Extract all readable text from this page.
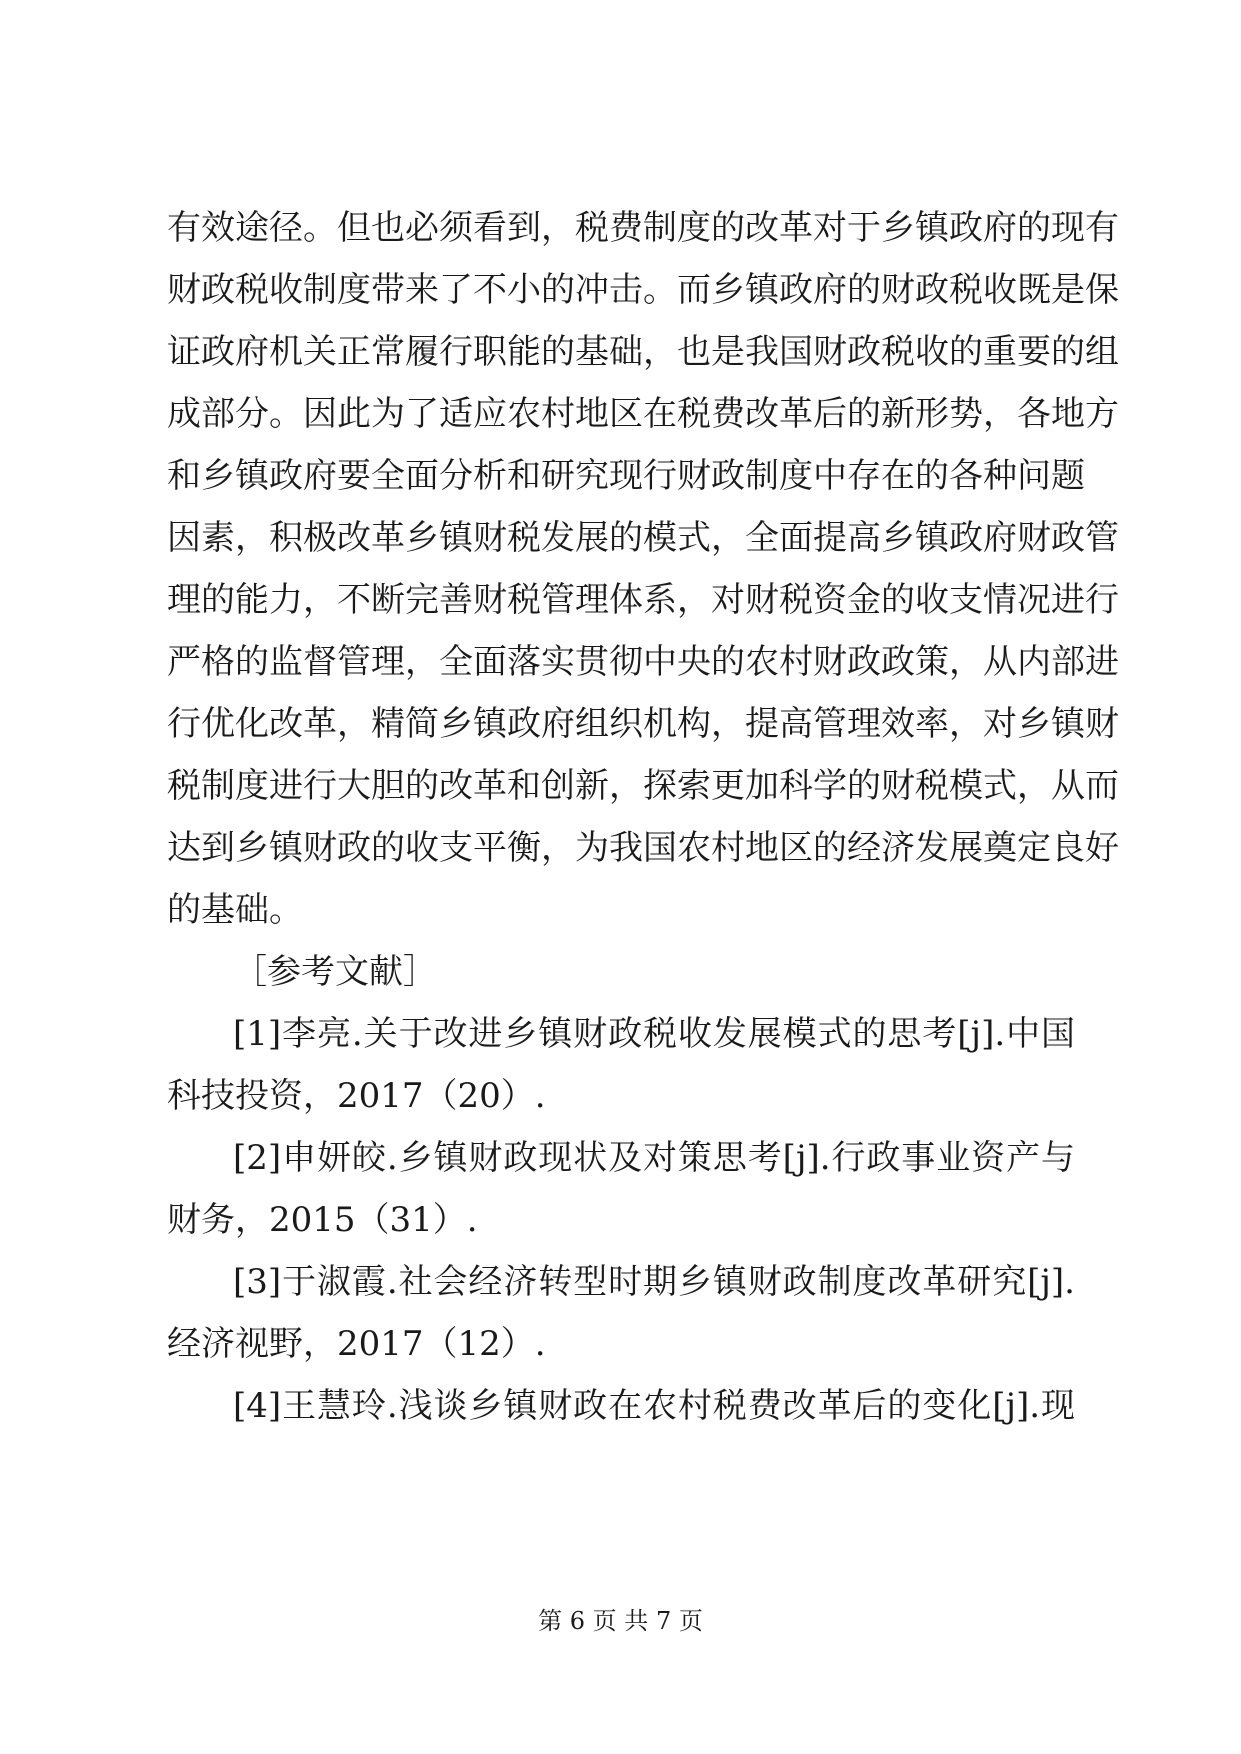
有效途径。但也必须看到，税费制度的改革对于乡镇政府的现有
财政税收制度带来了不小的冲击。而乡镇政府的财政税收既是保
证政府机关正常履行职能的基础，也是我国财政税收的重要的组
成部分。因此为了适应农村地区在税费改革后的新形势，各地方
和乡镇政府要全面分析和研究现行财政制度中存在的各种问题
因素，积极改革乡镇财税发展的模式，全面提高乡镇政府财政管
理的能力，不断完善财税管理体系，对财税资金的收支情况进行
严格的监督管理，全面落实贯彻中央的农村财政政策，从内部进
行优化改革，精简乡镇政府组织机构，提高管理效率，对乡镇财
税制度进行大胆的改革和创新，探索更加科学的财税模式，从而
达到乡镇财政的收支平衡，为我国农村地区的经济发展奠定良好
的基础。
［参考文献］
[1]李亮.关于改进乡镇财政税收发展模式的思考[j].中国
科技投资，2017（20）.
[2]申妍皎.乡镇财政现状及对策思考[j].行政事业资产与
财务，2015（31）.
[3]于淑霞.社会经济转型时期乡镇财政制度改革研究[j].
经济视野，2017（12）.
[4]王慧玲.浅谈乡镇财政在农村税费改革后的变化[j].现
第 6 页 共 7 页
